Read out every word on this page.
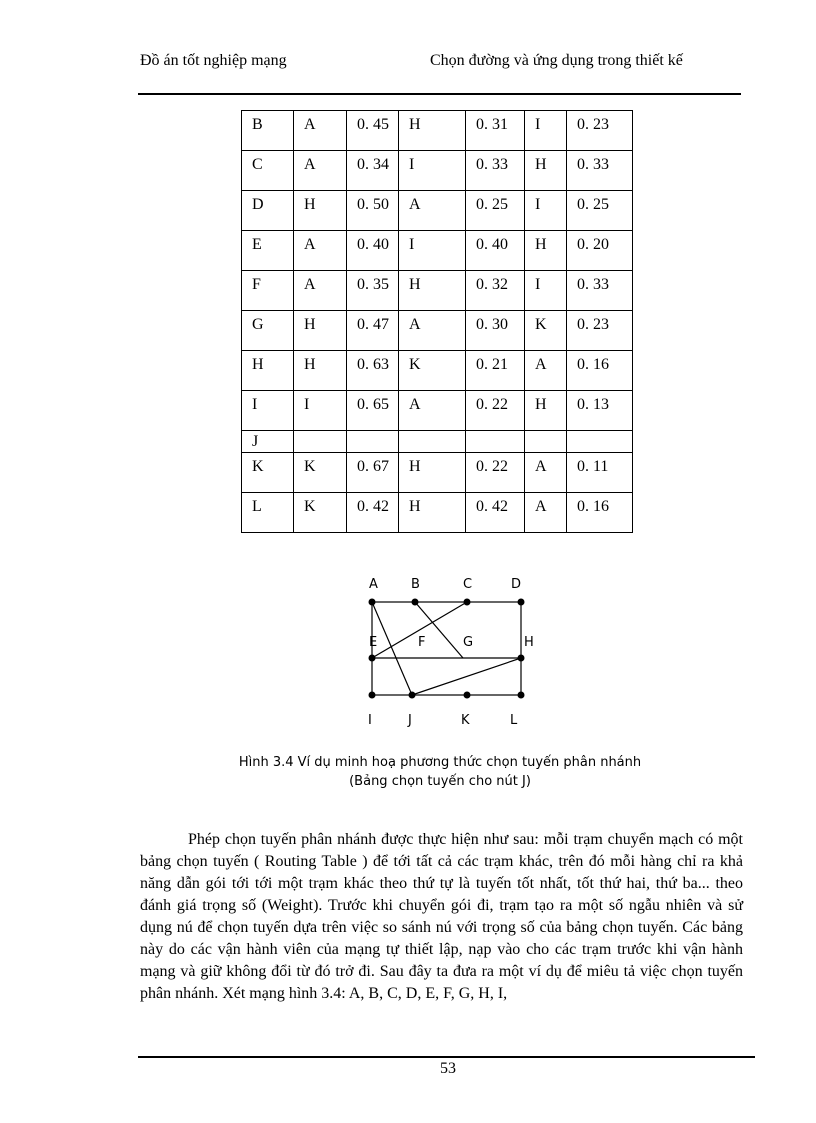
Đồ án tốt nghiệp mạng	Chọn đường và ứng dụng trong thiết kế
B	A	0. 45	H	0. 31	I	0. 23
C	A	0. 34	I	0. 33	H	0. 33
D	H	0. 50	A	0. 25	I	0. 25
E	A	0. 40	I	0. 40	H	0. 20
F	A	0. 35	H	0. 32	I	0. 33
G	H	0. 47	A	0. 30	K	0. 23
H	H	0. 63	K	0. 21	A	0. 16
I	I	0. 65	A	0. 22	H	0. 13
J						
K	K	0. 67	H	0. 22	A	0. 11
L	K	0. 42	H	0. 42	A	0. 16
A	B	C	D
E	F	G	H
I	J	K	L
Hình 3.4 Ví dụ minh hoạ phương thức chọn tuyến phân nhánh
(Bảng chọn tuyến cho nút J)

Phép chọn tuyến phân nhánh được thực hiện như sau: mỗi trạm chuyển mạch có một bảng chọn tuyến ( Routing Table ) để tới tất cả các trạm khác, trên đó mỗi hàng chỉ ra khả năng dẫn gói tới tới một trạm khác theo thứ tự là tuyến tốt nhất, tốt thứ hai, thứ ba... theo đánh giá trọng số (Weight). Trước khi chuyển gói đi, trạm tạo ra một số ngẫu nhiên và sử dụng nú để chọn tuyến dựa trên việc so sánh nú với trọng số của bảng chọn tuyến. Các bảng này do các vận hành viên của mạng tự thiết lập, nạp vào cho các trạm trước khi vận hành mạng và giữ không đổi từ đó trở đi. Sau đây ta đưa ra một ví dụ để miêu tả việc chọn tuyến phân nhánh. Xét mạng hình 3.4: A, B, C, D, E, F, G, H, I,

53
